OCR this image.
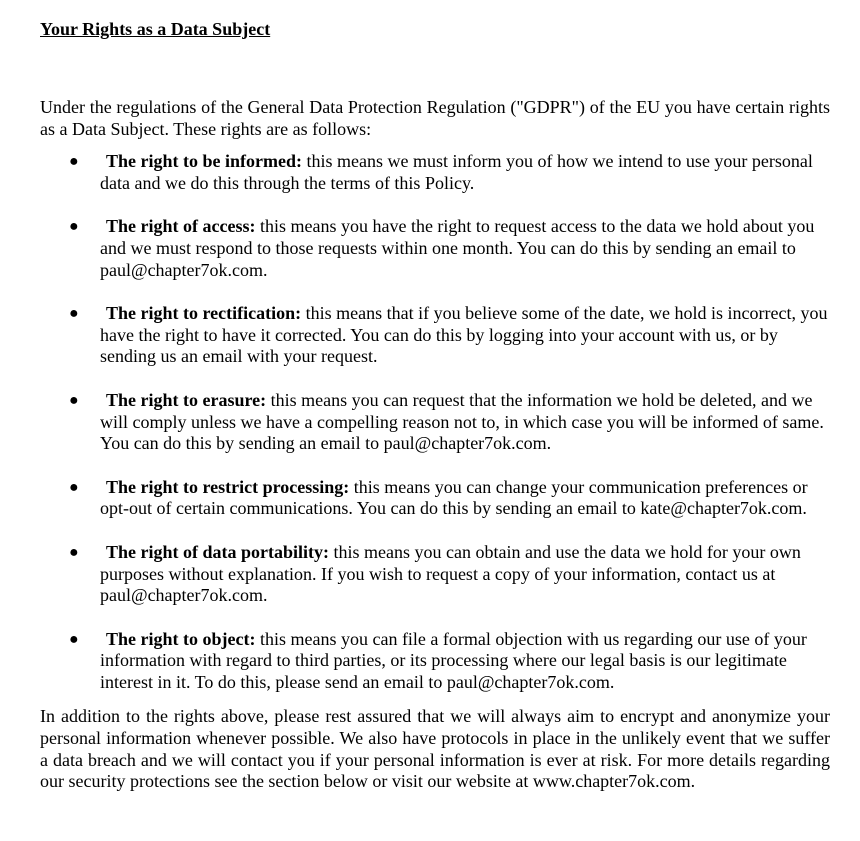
Your Rights as a Data Subject

Under the regulations of the General Data Protection Regulation ("GDPR") of the EU you have certain rights as a Data Subject. These rights are as follows:

● The right to be informed: this means we must inform you of how we intend to use your personal data and we do this through the terms of this Policy.
● The right of access: this means you have the right to request access to the data we hold about you and we must respond to those requests within one month. You can do this by sending an email to paul@chapter7ok.com.
● The right to rectification: this means that if you believe some of the date, we hold is incorrect, you have the right to have it corrected. You can do this by logging into your account with us, or by sending us an email with your request.
● The right to erasure: this means you can request that the information we hold be deleted, and we will comply unless we have a compelling reason not to, in which case you will be informed of same. You can do this by sending an email to paul@chapter7ok.com.
● The right to restrict processing: this means you can change your communication preferences or opt-out of certain communications. You can do this by sending an email to kate@chapter7ok.com.
● The right of data portability: this means you can obtain and use the data we hold for your own purposes without explanation. If you wish to request a copy of your information, contact us at paul@chapter7ok.com.
● The right to object: this means you can file a formal objection with us regarding our use of your information with regard to third parties, or its processing where our legal basis is our legitimate interest in it. To do this, please send an email to paul@chapter7ok.com.

In addition to the rights above, please rest assured that we will always aim to encrypt and anonymize your personal information whenever possible. We also have protocols in place in the unlikely event that we suffer a data breach and we will contact you if your personal information is ever at risk. For more details regarding our security protections see the section below or visit our website at www.chapter7ok.com.
